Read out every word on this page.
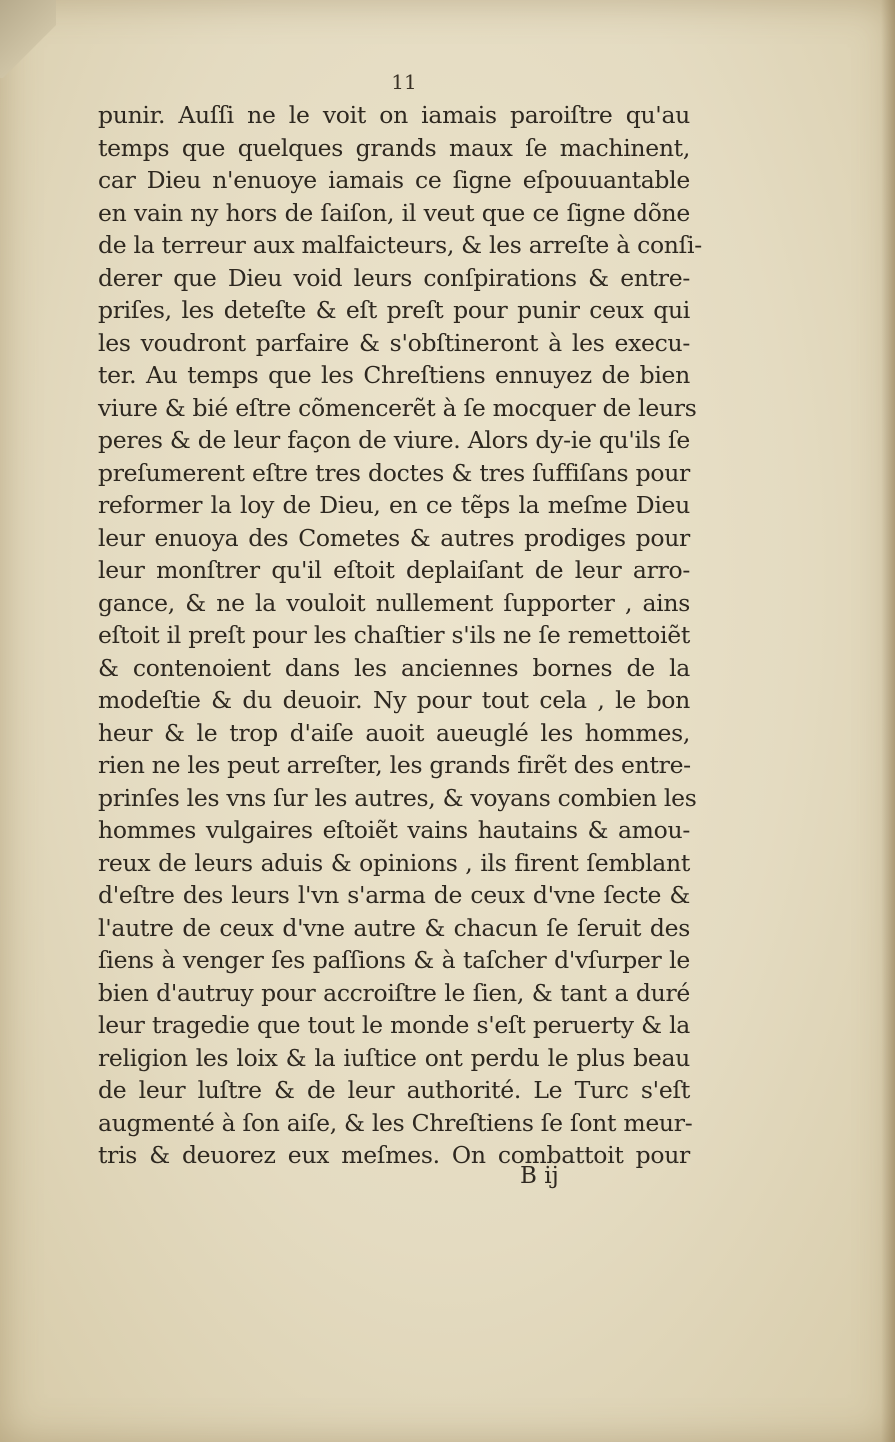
11
punir. Auſſi ne le voit on iamais paroiſtre qu'au
temps que quelques grands maux ſe machinent,
car Dieu n'enuoye iamais ce ſigne eſpouuantable
en vain ny hors de ſaiſon, il veut que ce ſigne dõne
de la terreur aux malfaicteurs, & les arreſte à conſi-
derer que Dieu void leurs conſpirations & entre-
priſes, les deteſte & eſt preſt pour punir ceux qui
les voudront parfaire & s'obſtineront à les execu-
ter. Au temps que les Chreſtiens ennuyez de bien
viure & bié eſtre cõmencerẽt à ſe mocquer de leurs
peres & de leur façon de viure. Alors dy-ie qu'ils ſe
preſumerent eſtre tres doctes & tres ſuffiſans pour
reformer la loy de Dieu, en ce tẽps la meſme Dieu
leur enuoya des Cometes & autres prodiges pour
leur monſtrer qu'il eſtoit deplaiſant de leur arro-
gance, & ne la vouloit nullement ſupporter , ains
eſtoit il preſt pour les chaſtier s'ils ne ſe remettoiẽt
& contenoient dans les anciennes bornes de la
modeſtie & du deuoir. Ny pour tout cela , le bon
heur & le trop d'aiſe auoit aueuglé les hommes,
rien ne les peut arreſter, les grands firẽt des entre-
prinſes les vns ſur les autres, & voyans combien les
hommes vulgaires eſtoiẽt vains hautains & amou-
reux de leurs aduis & opinions , ils firent ſemblant
d'eſtre des leurs l'vn s'arma de ceux d'vne ſecte &
l'autre de ceux d'vne autre & chacun ſe ſeruit des
ſiens à venger ſes paſſions & à taſcher d'vſurper le
bien d'autruy pour accroiſtre le ſien, & tant a duré
leur tragedie que tout le monde s'eſt peruerty & la
religion les loix & la iuſtice ont perdu le plus beau
de leur luſtre & de leur authorité. Le Turc s'eſt
augmenté à ſon aiſe, & les Chreſtiens ſe ſont meur-
tris & deuorez eux meſmes. On combattoit pour
B ij
